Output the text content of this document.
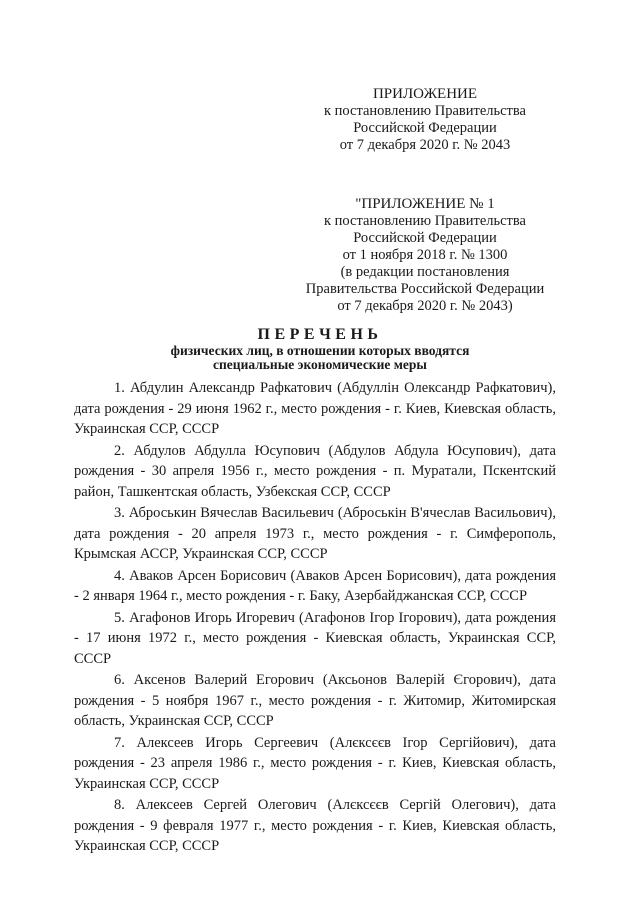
ПРИЛОЖЕНИЕ
к постановлению Правительства
Российской Федерации
от 7 декабря 2020 г. № 2043
"ПРИЛОЖЕНИЕ № 1
к постановлению Правительства
Российской Федерации
от 1 ноября 2018 г. № 1300
(в редакции постановления
Правительства Российской Федерации
от 7 декабря 2020 г. № 2043)
ПЕРЕЧЕНЬ
физических лиц, в отношении которых вводятся
специальные экономические меры

1. Абдулин Александр Рафкатович (Абдуллін Олександр Рафкатович), дата рождения - 29 июня 1962 г., место рождения - г. Киев, Киевская область, Украинская ССР, СССР

2. Абдулов Абдулла Юсупович (Абдулов Абдула Юсупович), дата рождения - 30 апреля 1956 г., место рождения - п. Муратали, Пскентский район, Ташкентская область, Узбекская ССР, СССР

3. Аброськин Вячеслав Васильевич (Аброськін В'ячеслав Васильович), дата рождения - 20 апреля 1973 г., место рождения - г. Симферополь, Крымская АССР, Украинская ССР, СССР

4. Аваков Арсен Борисович (Аваков Арсен Борисович), дата рождения - 2 января 1964 г., место рождения - г. Баку, Азербайджанская ССР, СССР

5. Агафонов Игорь Игоревич (Агафонов Ігор Ігорович), дата рождения - 17 июня 1972 г., место рождения - Киевская область, Украинская ССР, СССР

6. Аксенов Валерий Егорович (Аксьонов Валерій Єгорович), дата рождения - 5 ноября 1967 г., место рождения - г. Житомир, Житомирская область, Украинская ССР, СССР

7. Алексеев Игорь Сергеевич (Алєксєєв Ігор Сергійович), дата рождения - 23 апреля 1986 г., место рождения - г. Киев, Киевская область, Украинская ССР, СССР

8. Алексеев Сергей Олегович (Алєксєєв Сергій Олегович), дата рождения - 9 февраля 1977 г., место рождения - г. Киев, Киевская область, Украинская ССР, СССР
